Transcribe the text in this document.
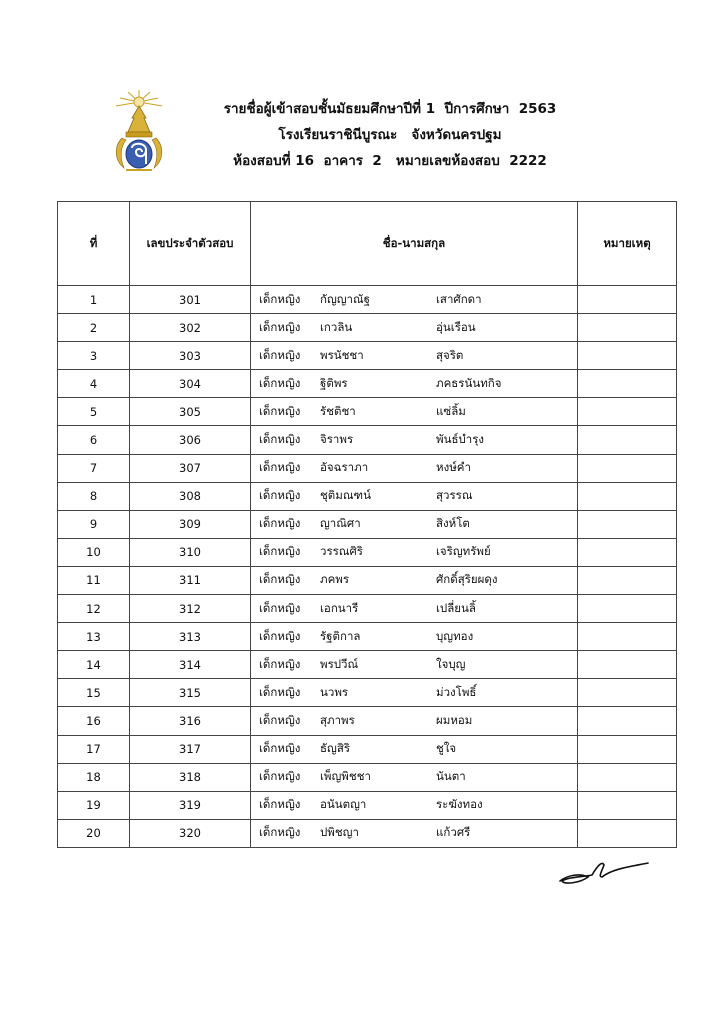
รายชื่อผู้เข้าสอบชั้นมัธยมศึกษาปีที่ 1  ปีการศึกษา  2563
โรงเรียนราชินีบูรณะ   จังหวัดนครปฐม
ห้องสอบที่ 16  อาคาร  2   หมายเลขห้องสอบ  2222
ที่	เลขประจำตัวสอบ	ชื่อ-นามสกุล	หมายเหตุ
1	301	เด็กหญิง กัญญาณัฐ เสาศักดา	
2	302	เด็กหญิง เกวลิน อุ่นเรือน	
3	303	เด็กหญิง พรนัชชา สุจริต	
4	304	เด็กหญิง ฐิติพร ภคธรนันทกิจ	
5	305	เด็กหญิง รัชติชา แซ่ลิ้ม	
6	306	เด็กหญิง จิราพร พันธ์บำรุง	
7	307	เด็กหญิง อัจฉราภา หงษ์คำ	
8	308	เด็กหญิง ชุติมณฑน์ สุวรรณ	
9	309	เด็กหญิง ญาณิศา สิงห์โต	
10	310	เด็กหญิง วรรณศิริ เจริญทรัพย์	
11	311	เด็กหญิง ภคพร ศักดิ์สุริยผดุง	
12	312	เด็กหญิง เอกนารี เปลี่ยนลิ้	
13	313	เด็กหญิง รัฐติกาล บุญทอง	
14	314	เด็กหญิง พรปวีณ์ ใจบุญ	
15	315	เด็กหญิง นวพร ม่วงโพธิ์	
16	316	เด็กหญิง สุภาพร ผมหอม	
17	317	เด็กหญิง ธัญสิริ ชูใจ	
18	318	เด็กหญิง เพ็ญพิชชา นันตา	
19	319	เด็กหญิง อนันตญา ระฆังทอง	
20	320	เด็กหญิง ปพิชญา แก้วศรี	
